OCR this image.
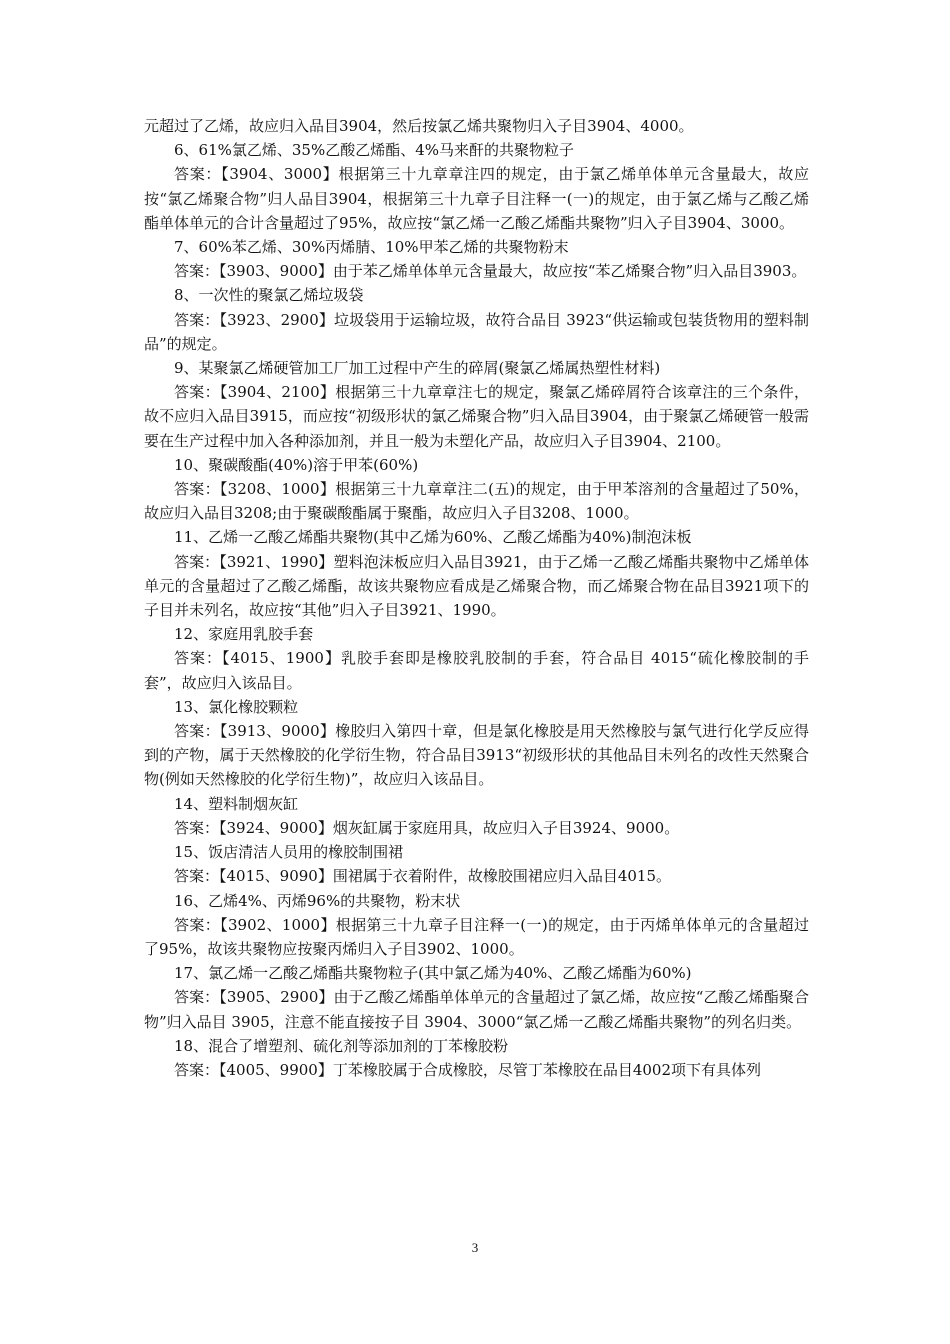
元超过了乙烯，故应归入品目3904，然后按氯乙烯共聚物归入子目3904、4000。

6、61%氯乙烯、35%乙酸乙烯酯、4%马来酐的共聚物粒子

答案：【3904、3000】根据第三十九章章注四的规定，由于氯乙烯单体单元含量最大，故应按“氯乙烯聚合物”归人品目3904，根据第三十九章子目注释一(一)的规定，由于氯乙烯与乙酸乙烯酯单体单元的合计含量超过了95%，故应按“氯乙烯一乙酸乙烯酯共聚物”归入子目3904、3000。

7、60%苯乙烯、30%丙烯腈、10%甲苯乙烯的共聚物粉末

答案：【3903、9000】由于苯乙烯单体单元含量最大，故应按“苯乙烯聚合物”归入品目3903。

8、一次性的聚氯乙烯垃圾袋

答案：【3923、2900】垃圾袋用于运输垃圾，故符合品目 3923“供运输或包装货物用的塑料制品”的规定。

9、某聚氯乙烯硬管加工厂加工过程中产生的碎屑(聚氯乙烯属热塑性材料)

答案：【3904、2100】根据第三十九章章注七的规定，聚氯乙烯碎屑符合该章注的三个条件，故不应归入品目3915，而应按“初级形状的氯乙烯聚合物”归入品目3904，由于聚氯乙烯硬管一般需要在生产过程中加入各种添加剂，并且一般为未塑化产品，故应归入子目3904、2100。

10、聚碳酸酯(40%)溶于甲苯(60%)

答案：【3208、1000】根据第三十九章章注二(五)的规定，由于甲苯溶剂的含量超过了50%，故应归入品目3208;由于聚碳酸酯属于聚酯，故应归入子目3208、1000。

11、乙烯一乙酸乙烯酯共聚物(其中乙烯为60%、乙酸乙烯酯为40%)制泡沫板

答案：【3921、1990】塑料泡沫板应归入品目3921，由于乙烯一乙酸乙烯酯共聚物中乙烯单体单元的含量超过了乙酸乙烯酯，故该共聚物应看成是乙烯聚合物，而乙烯聚合物在品目3921项下的子目并未列名，故应按“其他”归入子目3921、1990。

12、家庭用乳胶手套

答案：【4015、1900】乳胶手套即是橡胶乳胶制的手套，符合品目 4015“硫化橡胶制的手套”，故应归入该品目。

13、氯化橡胶颗粒

答案：【3913、9000】橡胶归入第四十章，但是氯化橡胶是用天然橡胶与氯气进行化学反应得到的产物，属于天然橡胶的化学衍生物，符合品目3913“初级形状的其他品目未列名的改性天然聚合物(例如天然橡胶的化学衍生物)”，故应归入该品目。

14、塑料制烟灰缸

答案：【3924、9000】烟灰缸属于家庭用具，故应归入子目3924、9000。

15、饭店清洁人员用的橡胶制围裙

答案：【4015、9090】围裙属于衣着附件，故橡胶围裙应归入品目4015。

16、乙烯4%、丙烯96%的共聚物，粉末状

答案：【3902、1000】根据第三十九章子目注释一(一)的规定，由于丙烯单体单元的含量超过了95%，故该共聚物应按聚丙烯归入子目3902、1000。

17、氯乙烯一乙酸乙烯酯共聚物粒子(其中氯乙烯为40%、乙酸乙烯酯为60%)

答案：【3905、2900】由于乙酸乙烯酯单体单元的含量超过了氯乙烯，故应按“乙酸乙烯酯聚合物”归入品目 3905，注意不能直接按子目 3904、3000“氯乙烯一乙酸乙烯酯共聚物”的列名归类。

18、混合了增塑剂、硫化剂等添加剂的丁苯橡胶粉

答案：【4005、9900】丁苯橡胶属于合成橡胶，尽管丁苯橡胶在品目4002项下有具体列

3
